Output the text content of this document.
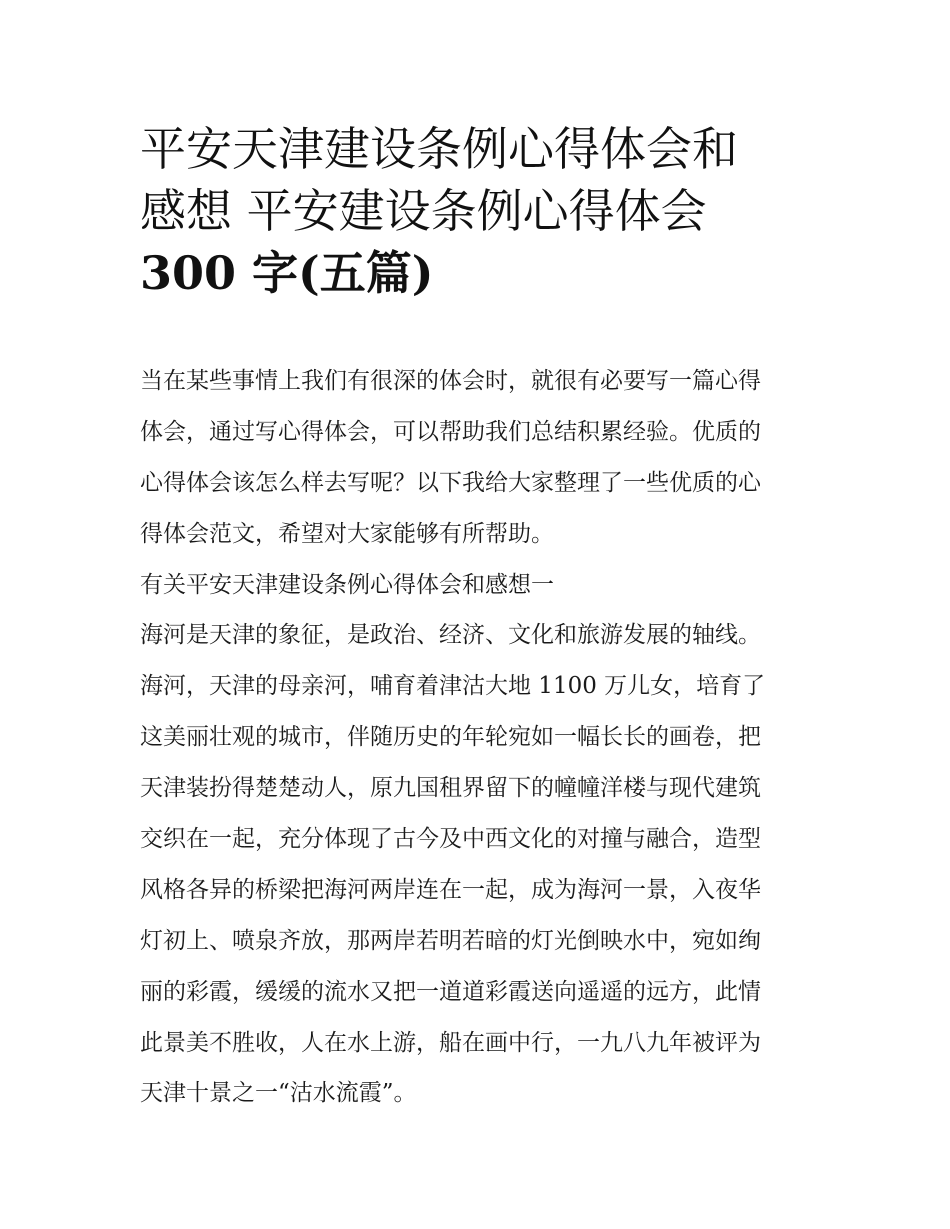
平安天津建设条例心得体会和
感想 平安建设条例心得体会
300 字(五篇)
当在某些事情上我们有很深的体会时，就很有必要写一篇心得
体会，通过写心得体会，可以帮助我们总结积累经验。优质的
心得体会该怎么样去写呢？以下我给大家整理了一些优质的心
得体会范文，希望对大家能够有所帮助。
有关平安天津建设条例心得体会和感想一
海河是天津的象征，是政治、经济、文化和旅游发展的轴线。
海河，天津的母亲河，哺育着津沽大地 1100 万儿女，培育了
这美丽壮观的城市，伴随历史的年轮宛如一幅长长的画卷，把
天津装扮得楚楚动人，原九国租界留下的幢幢洋楼与现代建筑
交织在一起，充分体现了古今及中西文化的对撞与融合，造型
风格各异的桥梁把海河两岸连在一起，成为海河一景，入夜华
灯初上、喷泉齐放，那两岸若明若暗的灯光倒映水中，宛如绚
丽的彩霞，缓缓的流水又把一道道彩霞送向遥遥的远方，此情
此景美不胜收，人在水上游，船在画中行，一九八九年被评为
天津十景之一“沽水流霞”。
